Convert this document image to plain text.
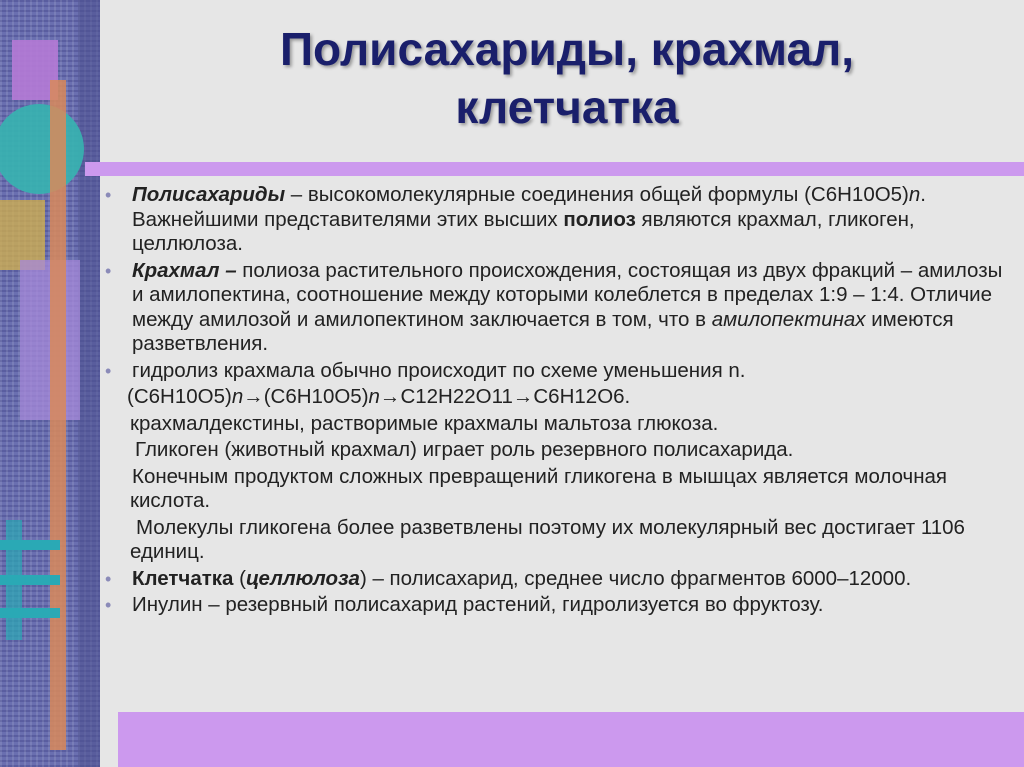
Полисахариды, крахмал,
клетчатка
• Полисахариды – высокомолекулярные соединения общей формулы (С6Н10О5)n. Важнейшими представителями этих высших полиоз являются крахмал, гликоген, целлюлоза.
• Крахмал – полиоза растительного происхождения, состоящая из двух фракций – амилозы и амилопектина, соотношение между которыми колеблется в пределах 1:9 – 1:4. Отличие между амилозой и амилопектином заключается в том, что в амилопектинах имеются разветвления.
• гидролиз крахмала обычно происходит по схеме уменьшения n.
(С6Н10О5)n→(С6Н10О5)n→С12Н22О11→С6Н12О6.
крахмалдекстины, растворимые крахмалы мальтоза глюкоза.
Гликоген (животный крахмал) играет роль резервного полисахарида.
Конечным продуктом сложных превращений гликогена в мышцах является молочная кислота.
Молекулы гликогена более разветвлены поэтому их молекулярный вес достигает 1106 единиц.
• Клетчатка (целлюлоза) – полисахарид, среднее число фрагментов 6000–12000.
• Инулин – резервный полисахарид растений, гидролизуется во фруктозу.
